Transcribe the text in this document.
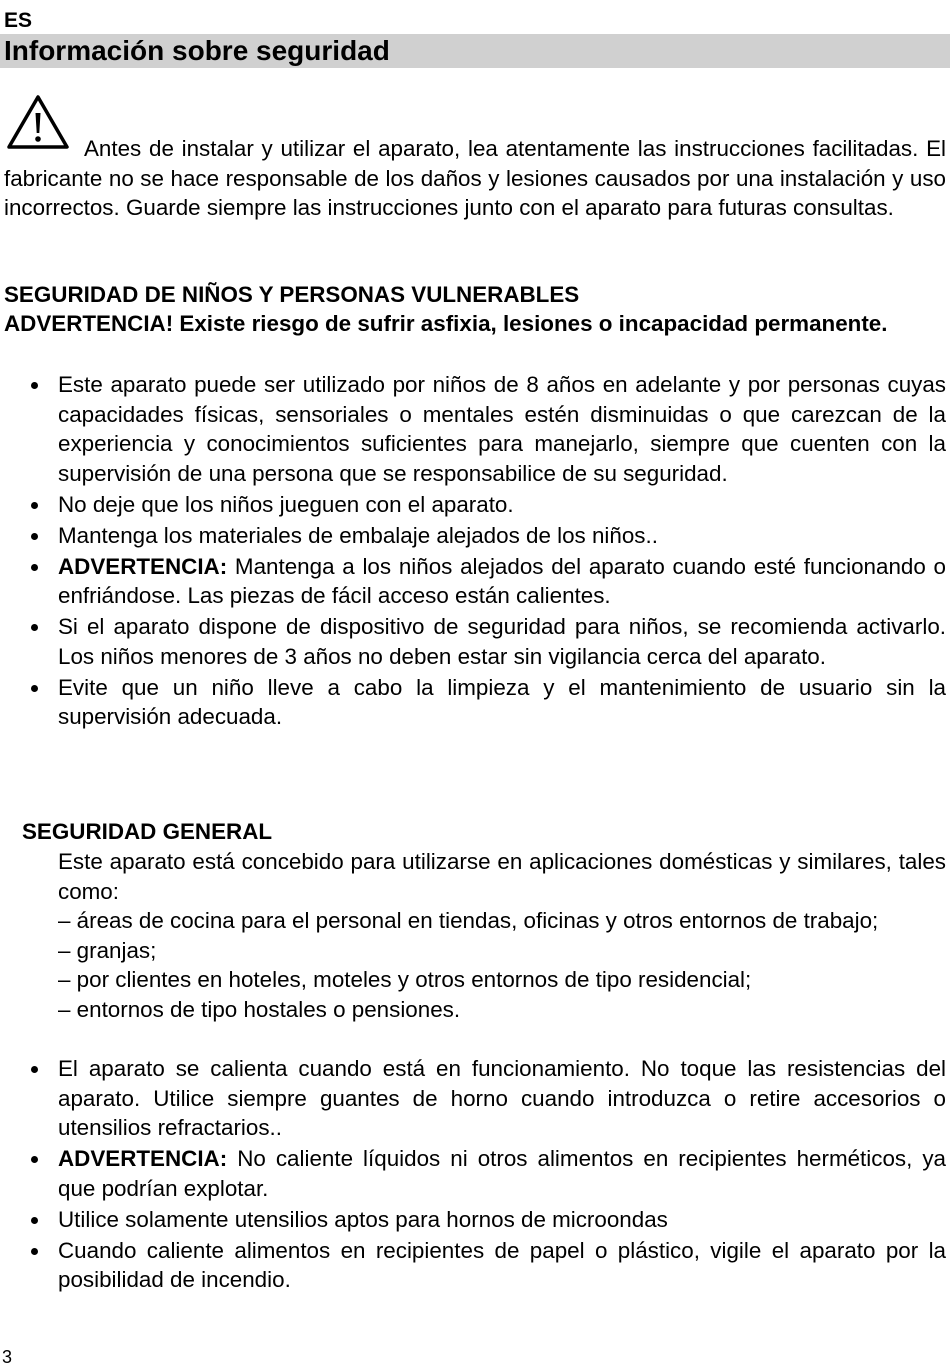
ES
Información sobre seguridad

Antes de instalar y utilizar el aparato, lea atentamente las instrucciones facilitadas. El fabricante no se hace responsable de los daños y lesiones causados por una instalación y uso incorrectos. Guarde siempre las instrucciones junto con el aparato para futuras consultas.

SEGURIDAD DE NIÑOS Y PERSONAS VULNERABLES

ADVERTENCIA! Existe riesgo de sufrir asfixia, lesiones o incapacidad permanente.

Este aparato puede ser utilizado por niños de 8 años en adelante y por personas cuyas capacidades físicas, sensoriales o mentales estén disminuidas o que carezcan de la experiencia y conocimientos suficientes para manejarlo, siempre que cuenten con la supervisión de una persona que se responsabilice de su seguridad.
No deje que los niños jueguen con el aparato.
Mantenga los materiales de embalaje alejados de los niños..
ADVERTENCIA: Mantenga a los niños alejados del aparato cuando esté funcionando o enfriándose. Las piezas de fácil acceso están calientes.
Si el aparato dispone de dispositivo de seguridad para niños, se recomienda activarlo. Los niños menores de 3 años no deben estar sin vigilancia cerca del aparato.
Evite que un niño lleve a cabo la limpieza y el mantenimiento de usuario sin la supervisión adecuada.

SEGURIDAD GENERAL

Este aparato está concebido para utilizarse en aplicaciones domésticas y similares, tales como:
– áreas de cocina para el personal en tiendas, oficinas y otros entornos de trabajo;
– granjas;
– por clientes en hoteles, moteles y otros entornos de tipo residencial;
– entornos de tipo hostales o pensiones.
El aparato se calienta cuando está en funcionamiento. No toque las resistencias del aparato. Utilice siempre guantes de horno cuando introduzca o retire accesorios o utensilios refractarios..
ADVERTENCIA: No caliente líquidos ni otros alimentos en recipientes herméticos, ya que podrían explotar.
Utilice solamente utensilios aptos para hornos de microondas
Cuando caliente alimentos en recipientes de papel o plástico, vigile el aparato por la posibilidad de incendio.
3
